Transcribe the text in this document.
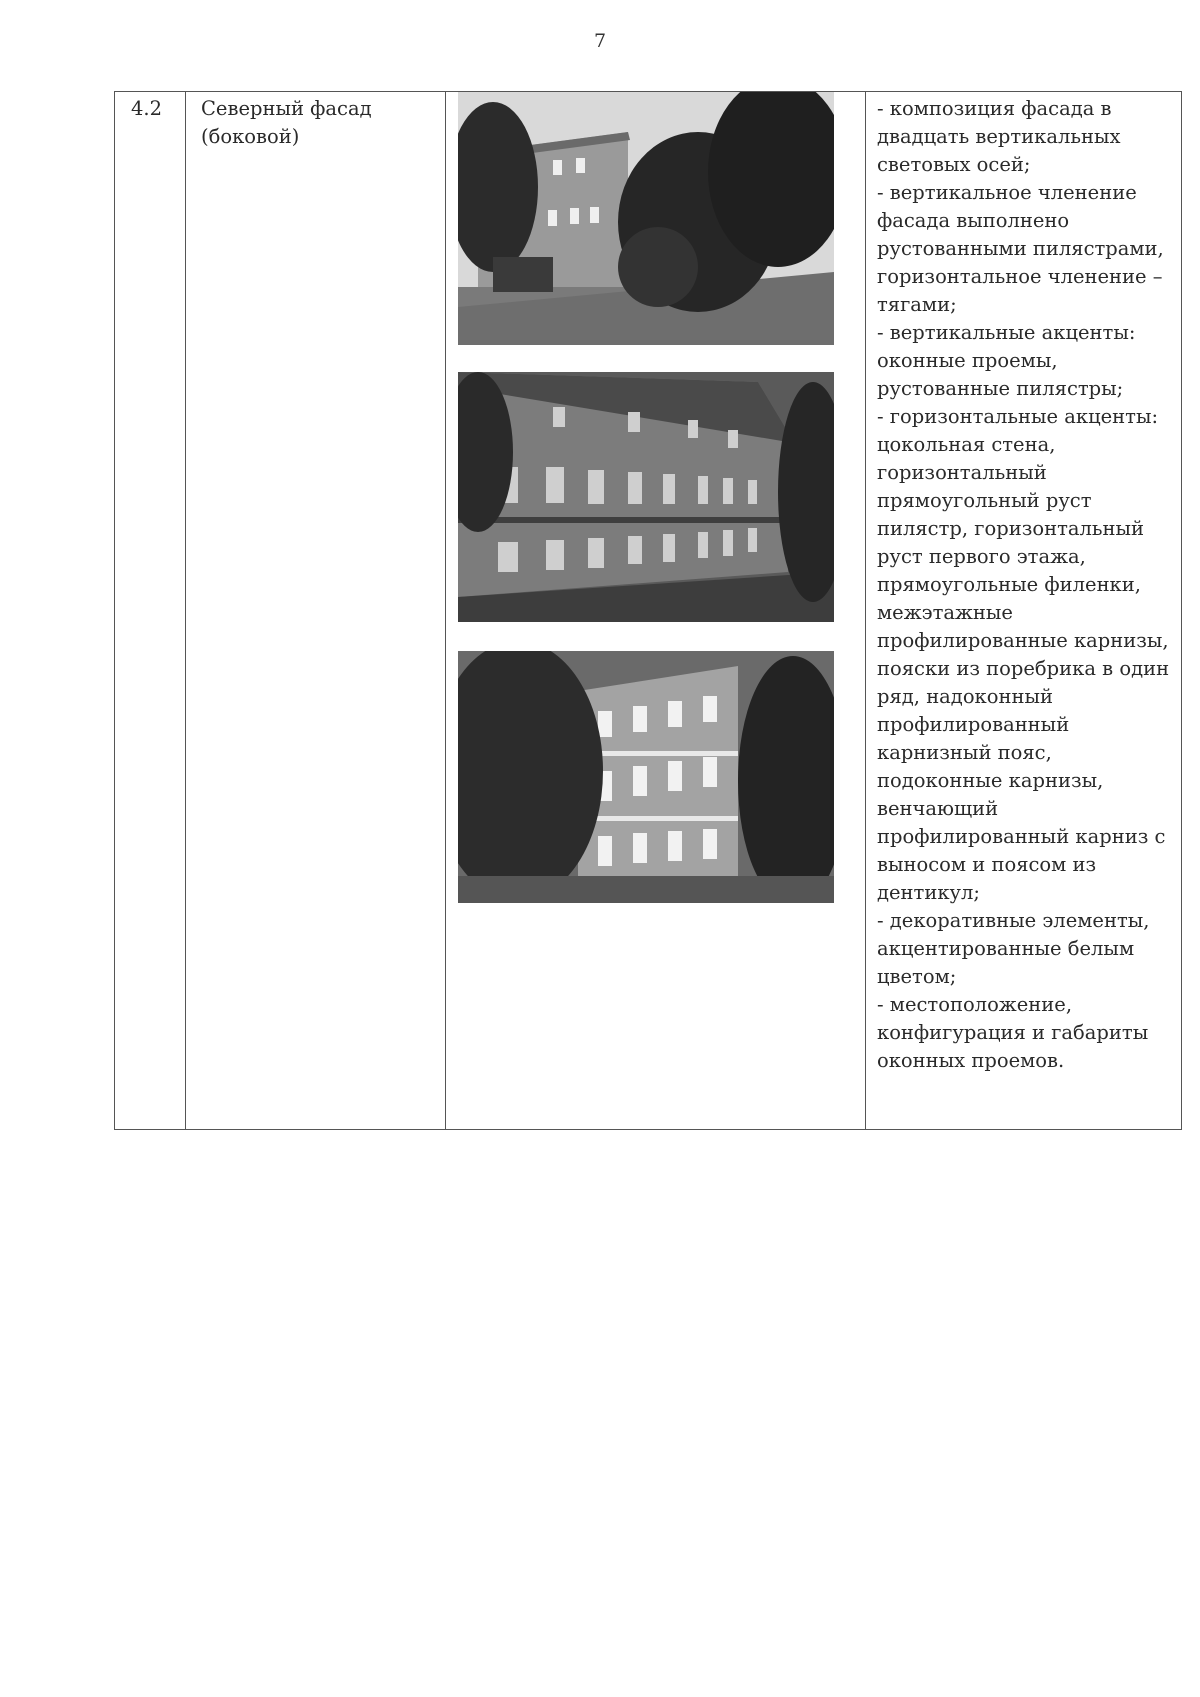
7
4.2 Северный фасад
(боковой)
- композиция фасада в
двадцать вертикальных
световых осей;
- вертикальное членение
фасада выполнено
рустованными пилястрами,
горизонтальное членение –
тягами;
- вертикальные акценты:
оконные проемы,
рустованные пилястры;
- горизонтальные акценты:
цокольная стена,
горизонтальный
прямоугольный руст
пилястр, горизонтальный
руст первого этажа,
прямоугольные филенки,
межэтажные
профилированные карнизы,
пояски из поребрика в один
ряд, надоконный
профилированный
карнизный пояс,
подоконные карнизы,
венчающий
профилированный карниз с
выносом и поясом из
дентикул;
- декоративные элементы,
акцентированные белым
цветом;
- местоположение,
конфигурация и габариты
оконных проемов.
